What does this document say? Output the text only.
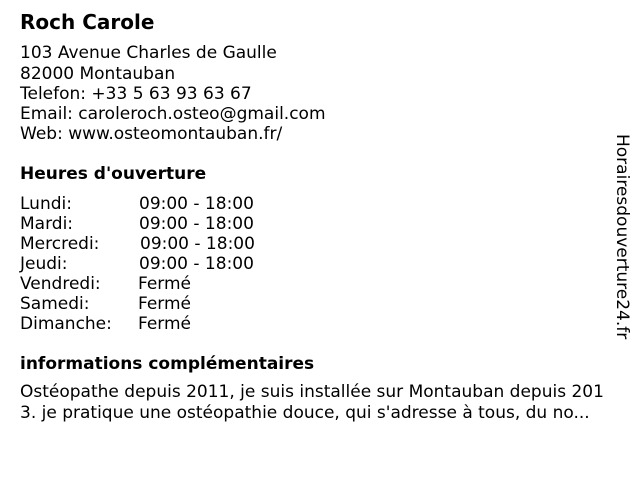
Roch Carole
103 Avenue Charles de Gaulle
82000 Montauban
Telefon: +33 5 63 93 63 67
Email: caroleroch.osteo@gmail.com
Web: www.osteomontauban.fr/
Heures d'ouverture
Lundi:	09:00 - 18:00
Mardi:	09:00 - 18:00
Mercredi: 09:00 - 18:00
Jeudi:	09:00 - 18:00
Vendredi: Fermé
Samedi:	Fermé
Dimanche: Fermé
informations complémentaires
Ostéopathe depuis 2011, je suis installée sur Montauban depuis 201
3. je pratique une ostéopathie douce, qui s'adresse à tous, du no...
Horairesdouverture24.fr
